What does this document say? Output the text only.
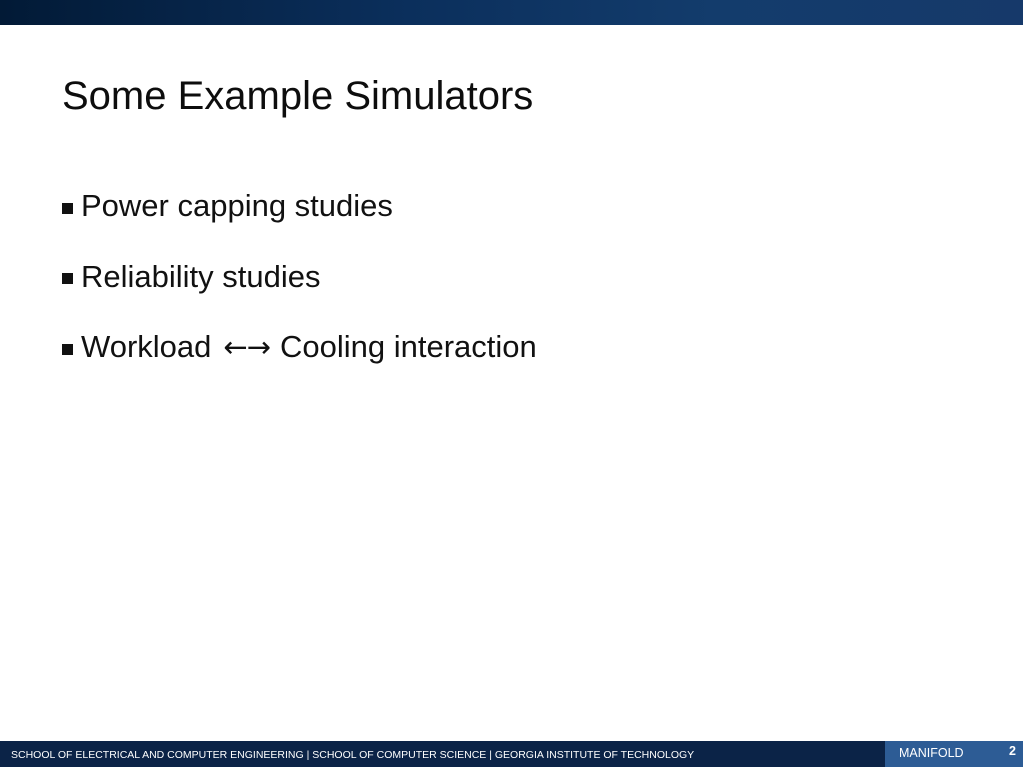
Some Example Simulators
Power capping studies
Reliability studies
Workload ←→ Cooling interaction
SCHOOL OF ELECTRICAL AND COMPUTER ENGINEERING | SCHOOL OF COMPUTER SCIENCE | GEORGIA INSTITUTE OF TECHNOLOGY	MANIFOLD	2
